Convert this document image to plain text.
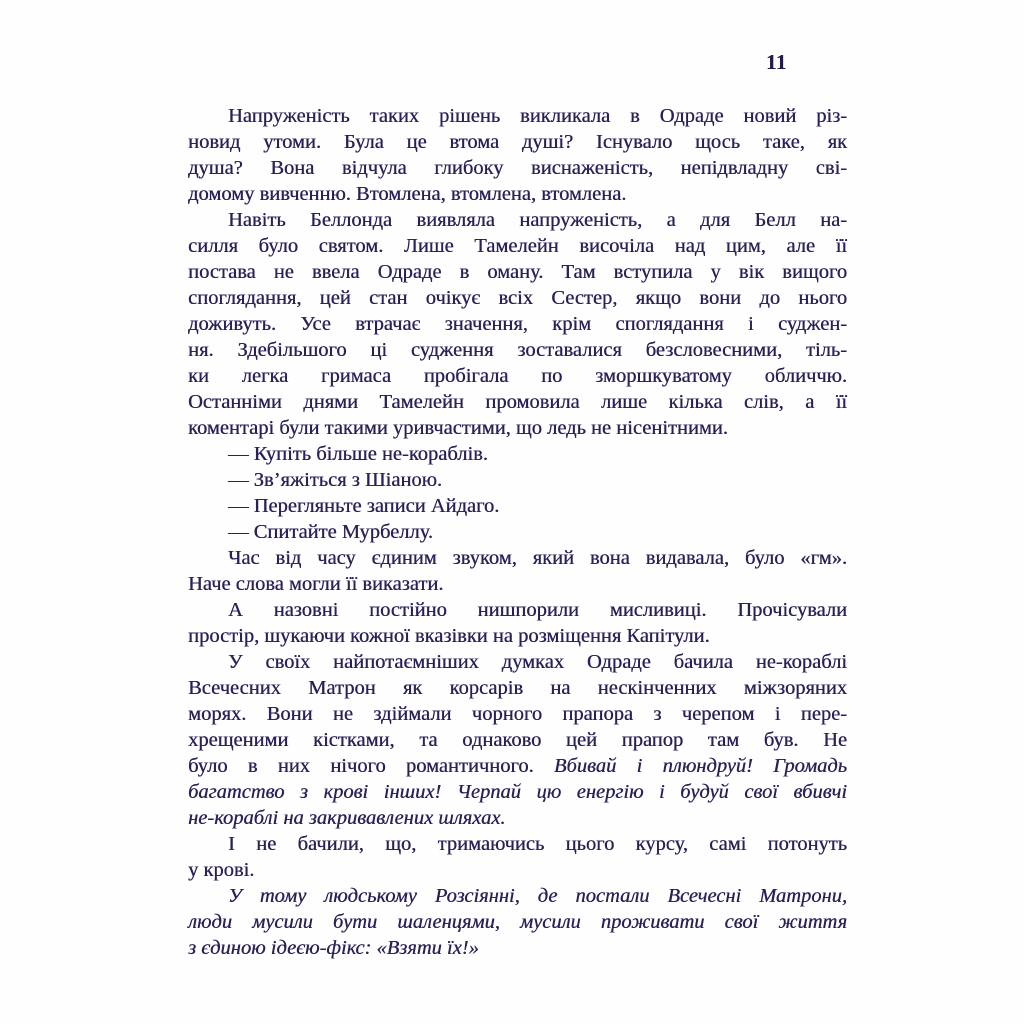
11
Напруженість таких рішень викликала в Одраде новий різ-
новид утоми. Була це втома душі? Існувало щось таке, як
душа? Вона відчула глибоку виснаженість, непідвладну сві-
домому вивченню. Втомлена, втомлена, втомлена.
Навіть Беллонда виявляла напруженість, а для Белл на-
силля було святом. Лише Тамелейн височіла над цим, але її
постава не ввела Одраде в оману. Там вступила у вік вищого
споглядання, цей стан очікує всіх Сестер, якщо вони до нього
доживуть. Усе втрачає значення, крім споглядання і суджен-
ня. Здебільшого ці судження зоставалися безсловесними, тіль-
ки легка гримаса пробігала по зморшкуватому обличчю.
Останніми днями Тамелейн промовила лише кілька слів, а її
коментарі були такими уривчастими, що ледь не нісенітними.
— Купіть більше не-кораблів.
— Зв’яжіться з Шіаною.
— Перегляньте записи Айдаго.
— Спитайте Мурбеллу.
Час від часу єдиним звуком, який вона видавала, було «гм».
Наче слова могли її виказати.
А назовні постійно нишпорили мисливиці. Прочісували
простір, шукаючи кожної вказівки на розміщення Капітули.
У своїх найпотаємніших думках Одраде бачила не-кораблі
Всечесних Матрон як корсарів на нескінченних міжзоряних
морях. Вони не здіймали чорного прапора з черепом і пере-
хрещеними кістками, та однаково цей прапор там був. Не
було в них нічого романтичного. Вбивай і плюндруй! Громадь
багатство з крові інших! Черпай цю енергію і будуй свої вбивчі
не-кораблі на закривавлених шляхах.
І не бачили, що, тримаючись цього курсу, самі потонуть
у крові.
У тому людському Розсіянні, де постали Всечесні Матрони,
люди мусили бути шаленцями, мусили проживати свої життя
з єдиною ідеєю-фікс: «Взяти їх!»
